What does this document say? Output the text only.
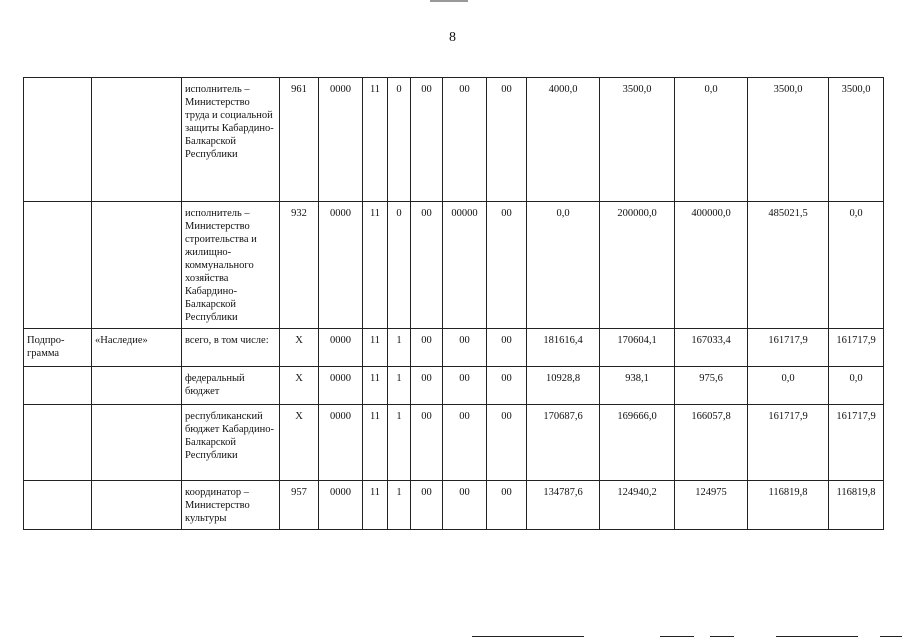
8
		исполнитель – Министерство труда и социальной защиты Кабардино-Балкарской Республики	961	0000	11	0	00	00	00	4000,0	3500,0	0,0	3500,0	3500,0
		исполнитель – Министерство строительства и жилищно-коммунального хозяйства Кабардино-Балкарской Республики	932	0000	11	0	00	00000	00	0,0	200000,0	400000,0	485021,5	0,0
Подпро-грамма	«Наследие»	всего, в том числе:	Х	0000	11	1	00	00	00	181616,4	170604,1	167033,4	161717,9	161717,9
		федеральный бюджет	Х	0000	11	1	00	00	00	10928,8	938,1	975,6	0,0	0,0
		республиканский бюджет Кабардино-Балкарской Республики	Х	0000	11	1	00	00	00	170687,6	169666,0	166057,8	161717,9	161717,9
		координатор – Министерство культуры	957	0000	11	1	00	00	00	134787,6	124940,2	124975	116819,8	116819,8
